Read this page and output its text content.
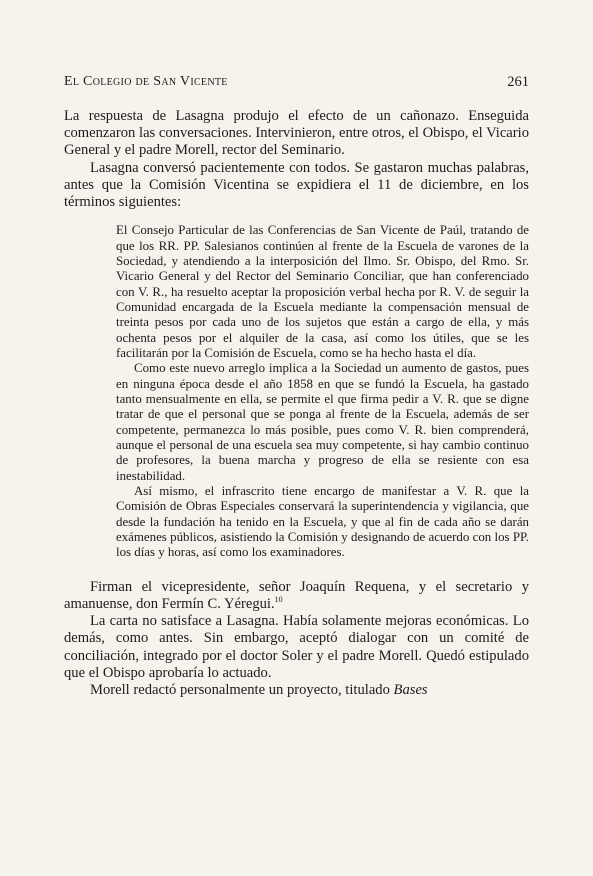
El Colegio de San Vicente	261

La respuesta de Lasagna produjo el efecto de un cañonazo. Enseguida comenzaron las conversaciones. Intervinieron, entre otros, el Obispo, el Vicario General y el padre Morell, rector del Seminario.

Lasagna conversó pacientemente con todos. Se gastaron muchas palabras, antes que la Comisión Vicentina se expidiera el 11 de diciembre, en los términos siguientes:

El Consejo Particular de las Conferencias de San Vicente de Paúl, tratando de que los RR. PP. Salesianos continúen al frente de la Escuela de varones de la Sociedad, y atendiendo a la interposición del Ilmo. Sr. Obispo, del Rmo. Sr. Vicario General y del Rector del Seminario Conciliar, que han conferenciado con V. R., ha resuelto aceptar la proposición verbal hecha por R. V. de seguir la Comunidad encargada de la Escuela mediante la compensación mensual de treinta pesos por cada uno de los sujetos que están a cargo de ella, y más ochenta pesos por el alquiler de la casa, así como los útiles, que se les facilitarán por la Comisión de Escuela, como se ha hecho hasta el día.

Como este nuevo arreglo implica a la Sociedad un aumento de gastos, pues en ninguna época desde el año 1858 en que se fundó la Escuela, ha gastado tanto mensualmente en ella, se permite el que firma pedir a V. R. que se digne tratar de que el personal que se ponga al frente de la Escuela, además de ser competente, permanezca lo más posible, pues como V. R. bien comprenderá, aunque el personal de una escuela sea muy competente, si hay cambio continuo de profesores, la buena marcha y progreso de ella se resiente con esa inestabilidad.

Así mismo, el infrascrito tiene encargo de manifestar a V. R. que la Comisión de Obras Especiales conservará la superintendencia y vigilancia, que desde la fundación ha tenido en la Escuela, y que al fin de cada año se darán exámenes públicos, asistiendo la Comisión y designando de acuerdo con los PP. los días y horas, así como los examinadores.

Firman el vicepresidente, señor Joaquín Requena, y el secretario y amanuense, don Fermín C. Yéregui.$^{10}$

La carta no satisface a Lasagna. Había solamente mejoras económicas. Lo demás, como antes. Sin embargo, aceptó dialogar con un comité de conciliación, integrado por el doctor Soler y el padre Morell. Quedó estipulado que el Obispo aprobaría lo actuado.

Morell redactó personalmente un proyecto, titulado Bases
